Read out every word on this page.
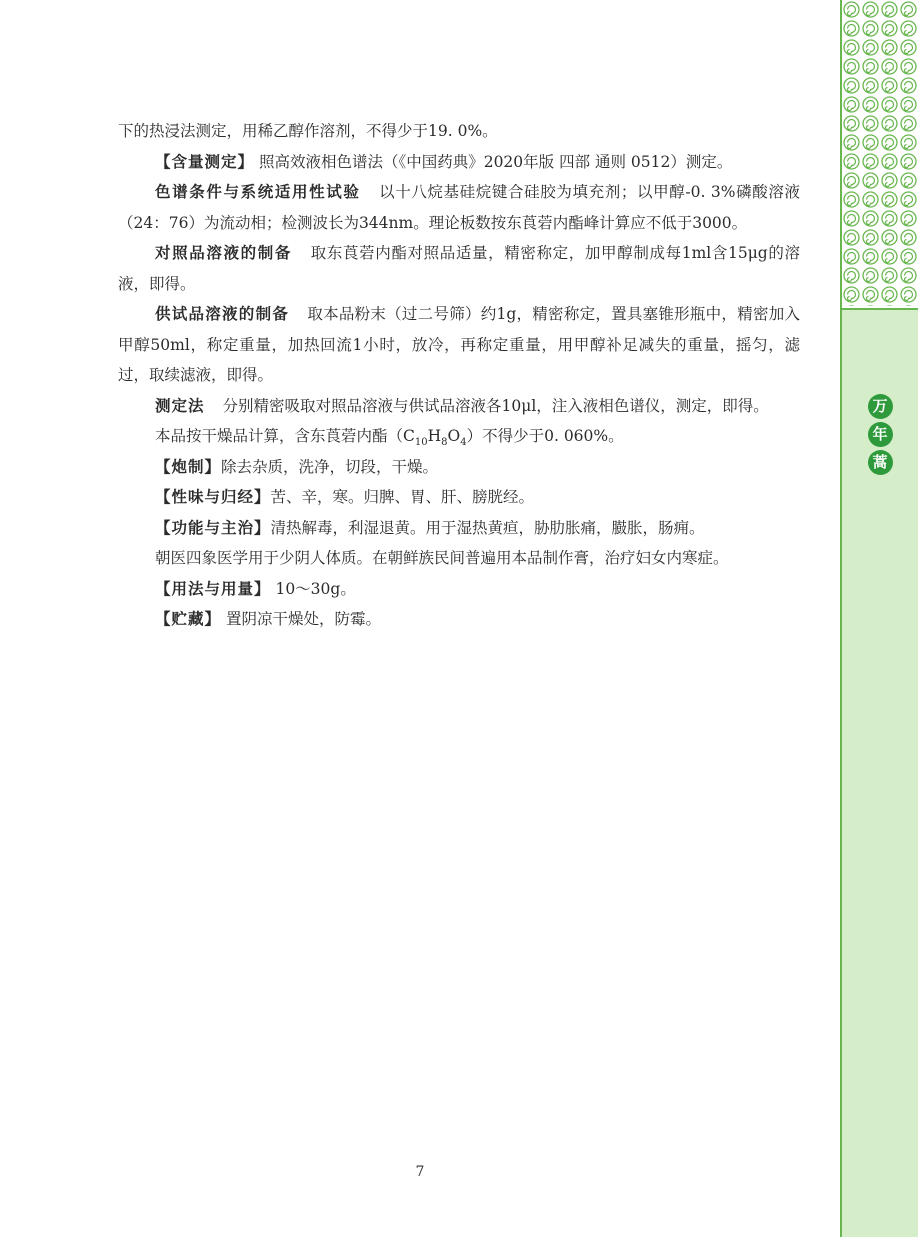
下的热浸法测定，用稀乙醇作溶剂，不得少于19. 0%。

【含量测定】 照高效液相色谱法（《中国药典》2020年版 四部 通则 0512）测定。

色谱条件与系统适用性试验 以十八烷基硅烷键合硅胶为填充剂；以甲醇-0. 3%磷酸溶液（24：76）为流动相；检测波长为344nm。理论板数按东莨菪内酯峰计算应不低于3000。

对照品溶液的制备 取东莨菪内酯对照品适量，精密称定，加甲醇制成每1ml含15μg的溶液，即得。

供试品溶液的制备 取本品粉末（过二号筛）约1g，精密称定，置具塞锥形瓶中，精密加入甲醇50ml，称定重量，加热回流1小时，放冷，再称定重量，用甲醇补足减失的重量，摇匀，滤过，取续滤液，即得。

测定法 分别精密吸取对照品溶液与供试品溶液各10μl，注入液相色谱仪，测定，即得。

本品按干燥品计算，含东莨菪内酯$(C_{10}H_8O_4)$不得少于0. 060%。

【炮制】除去杂质，洗净，切段，干燥。

【性味与归经】苦、辛，寒。归脾、胃、肝、膀胱经。

【功能与主治】清热解毒，利湿退黄。用于湿热黄疸，胁肋胀痛，臌胀，肠痈。

朝医四象医学用于少阴人体质。在朝鲜族民间普遍用本品制作膏，治疗妇女内寒症。

【用法与用量】 10～30g。

【贮藏】 置阴凉干燥处，防霉。

7
万
年
蒿
